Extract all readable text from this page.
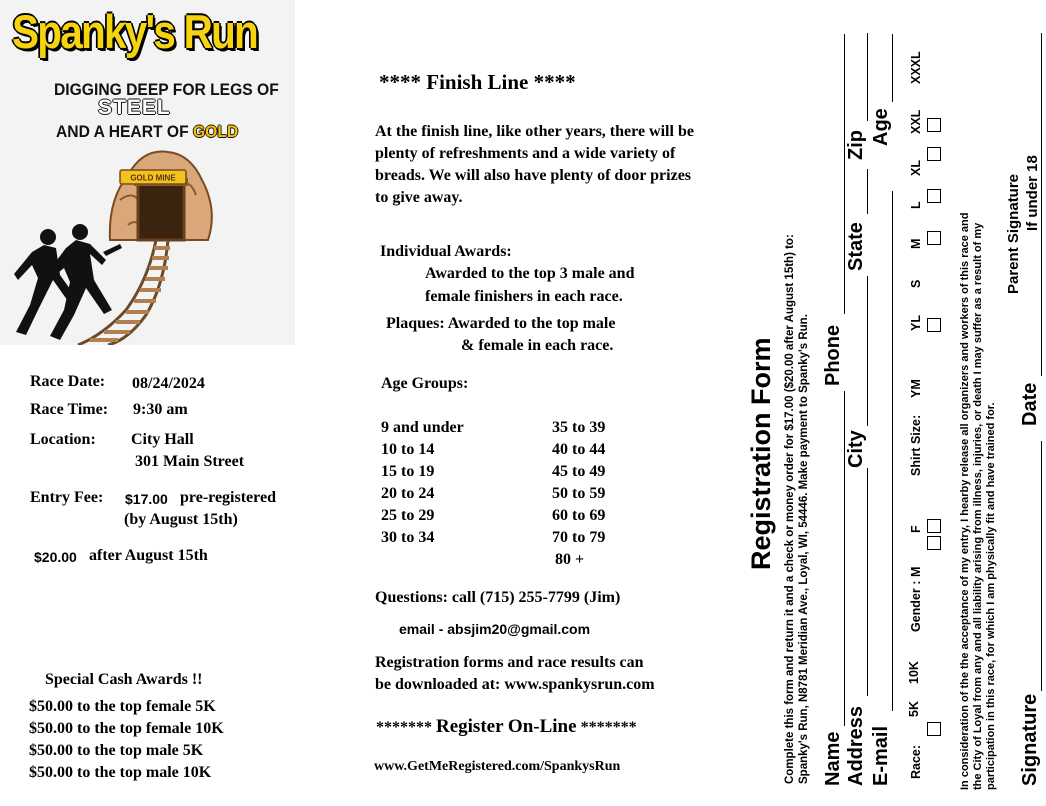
Spanky's Run
DIGGING DEEP FOR LEGS OF
STEEL
AND A HEART OF GOLD
GOLD MINE
Race Date: 08/24/2024
Race Time: 9:30 am
Location: City Hall
301 Main Street
Entry Fee: $17.00 pre-registered
(by August 15th)
$20.00 after August 15th
Special Cash Awards !!
$50.00 to the top female 5K
$50.00 to the top female 10K
$50.00 to the top male 5K
$50.00 to the top male 10K
**** Finish Line ****
At the finish line, like other years, there will be plenty of refreshments and a wide variety of breads. We will also have plenty of door prizes to give away.
Individual Awards:
Awarded to the top 3 male and
female finishers in each race.
Plaques: Awarded to the top male
& female in each race.
Age Groups:
9 and under
10 to 14
15 to 19
20 to 24
25 to 29
30 to 34
35 to 39
40 to 44
45 to 49
50 to 59
60 to 69
70 to 79
80 +
Questions: call (715) 255-7799 (Jim)
email - absjim20@gmail.com
Registration forms and race results can
be downloaded at: www.spankysrun.com
******* Register On-Line *******
www.GetMeRegistered.com/SpankysRun
Registration Form Complete this form and return it and a check or money order for $17.00 ($20.00 after August 15th) to: Spanky's Run, N8781 Meridian Ave., Loyal, WI, 54446. Make payment to Spanky's Run. Name
Phone
Address
City
State
Zip
E-mail
Age
Race:
5K
10K
Gender :
M
F
Shirt Size:
YM
YL
S
M
L
XL
XXL
XXXL
In consideration of the the acceptance of my entry, I hearby release all organizers and workers of this race and the City of Loyal from any and all liability arising from illness, injuries, or death I may suffer as a result of my participation in this race, for which I am physically fit and have trained for. Signature
Date
Parent Signature If under 18
